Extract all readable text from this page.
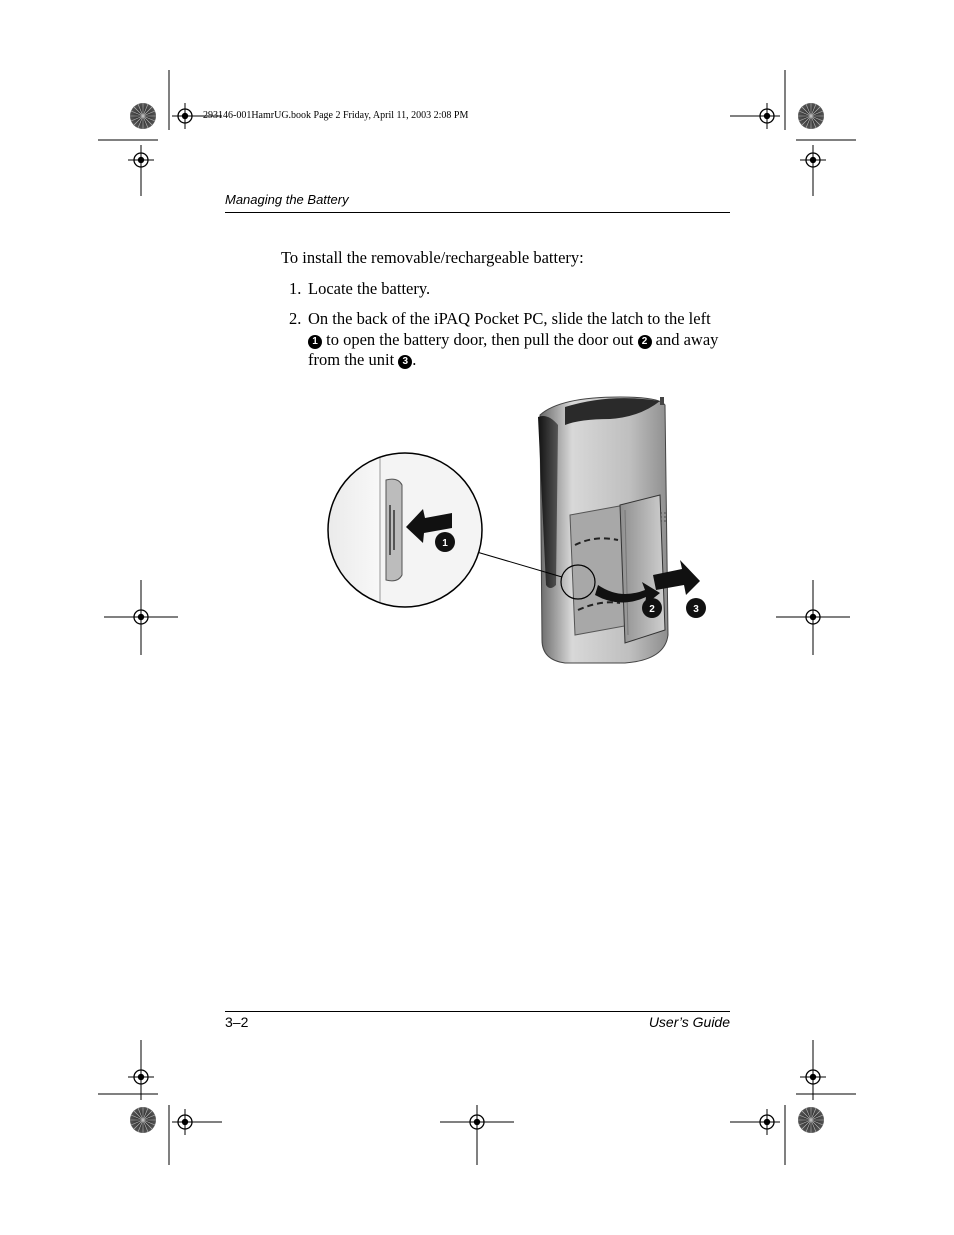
293146-001HamrUG.book Page 2 Friday, April 11, 2003 2:08 PM
Managing the Battery
To install the removable/rechargeable battery:
1. Locate the battery.
2. On the back of the iPAQ Pocket PC, slide the latch to the left
1 to open the battery door, then pull the door out 2 and away from the unit 3 .
1
2	3
3–2	User’s Guide
